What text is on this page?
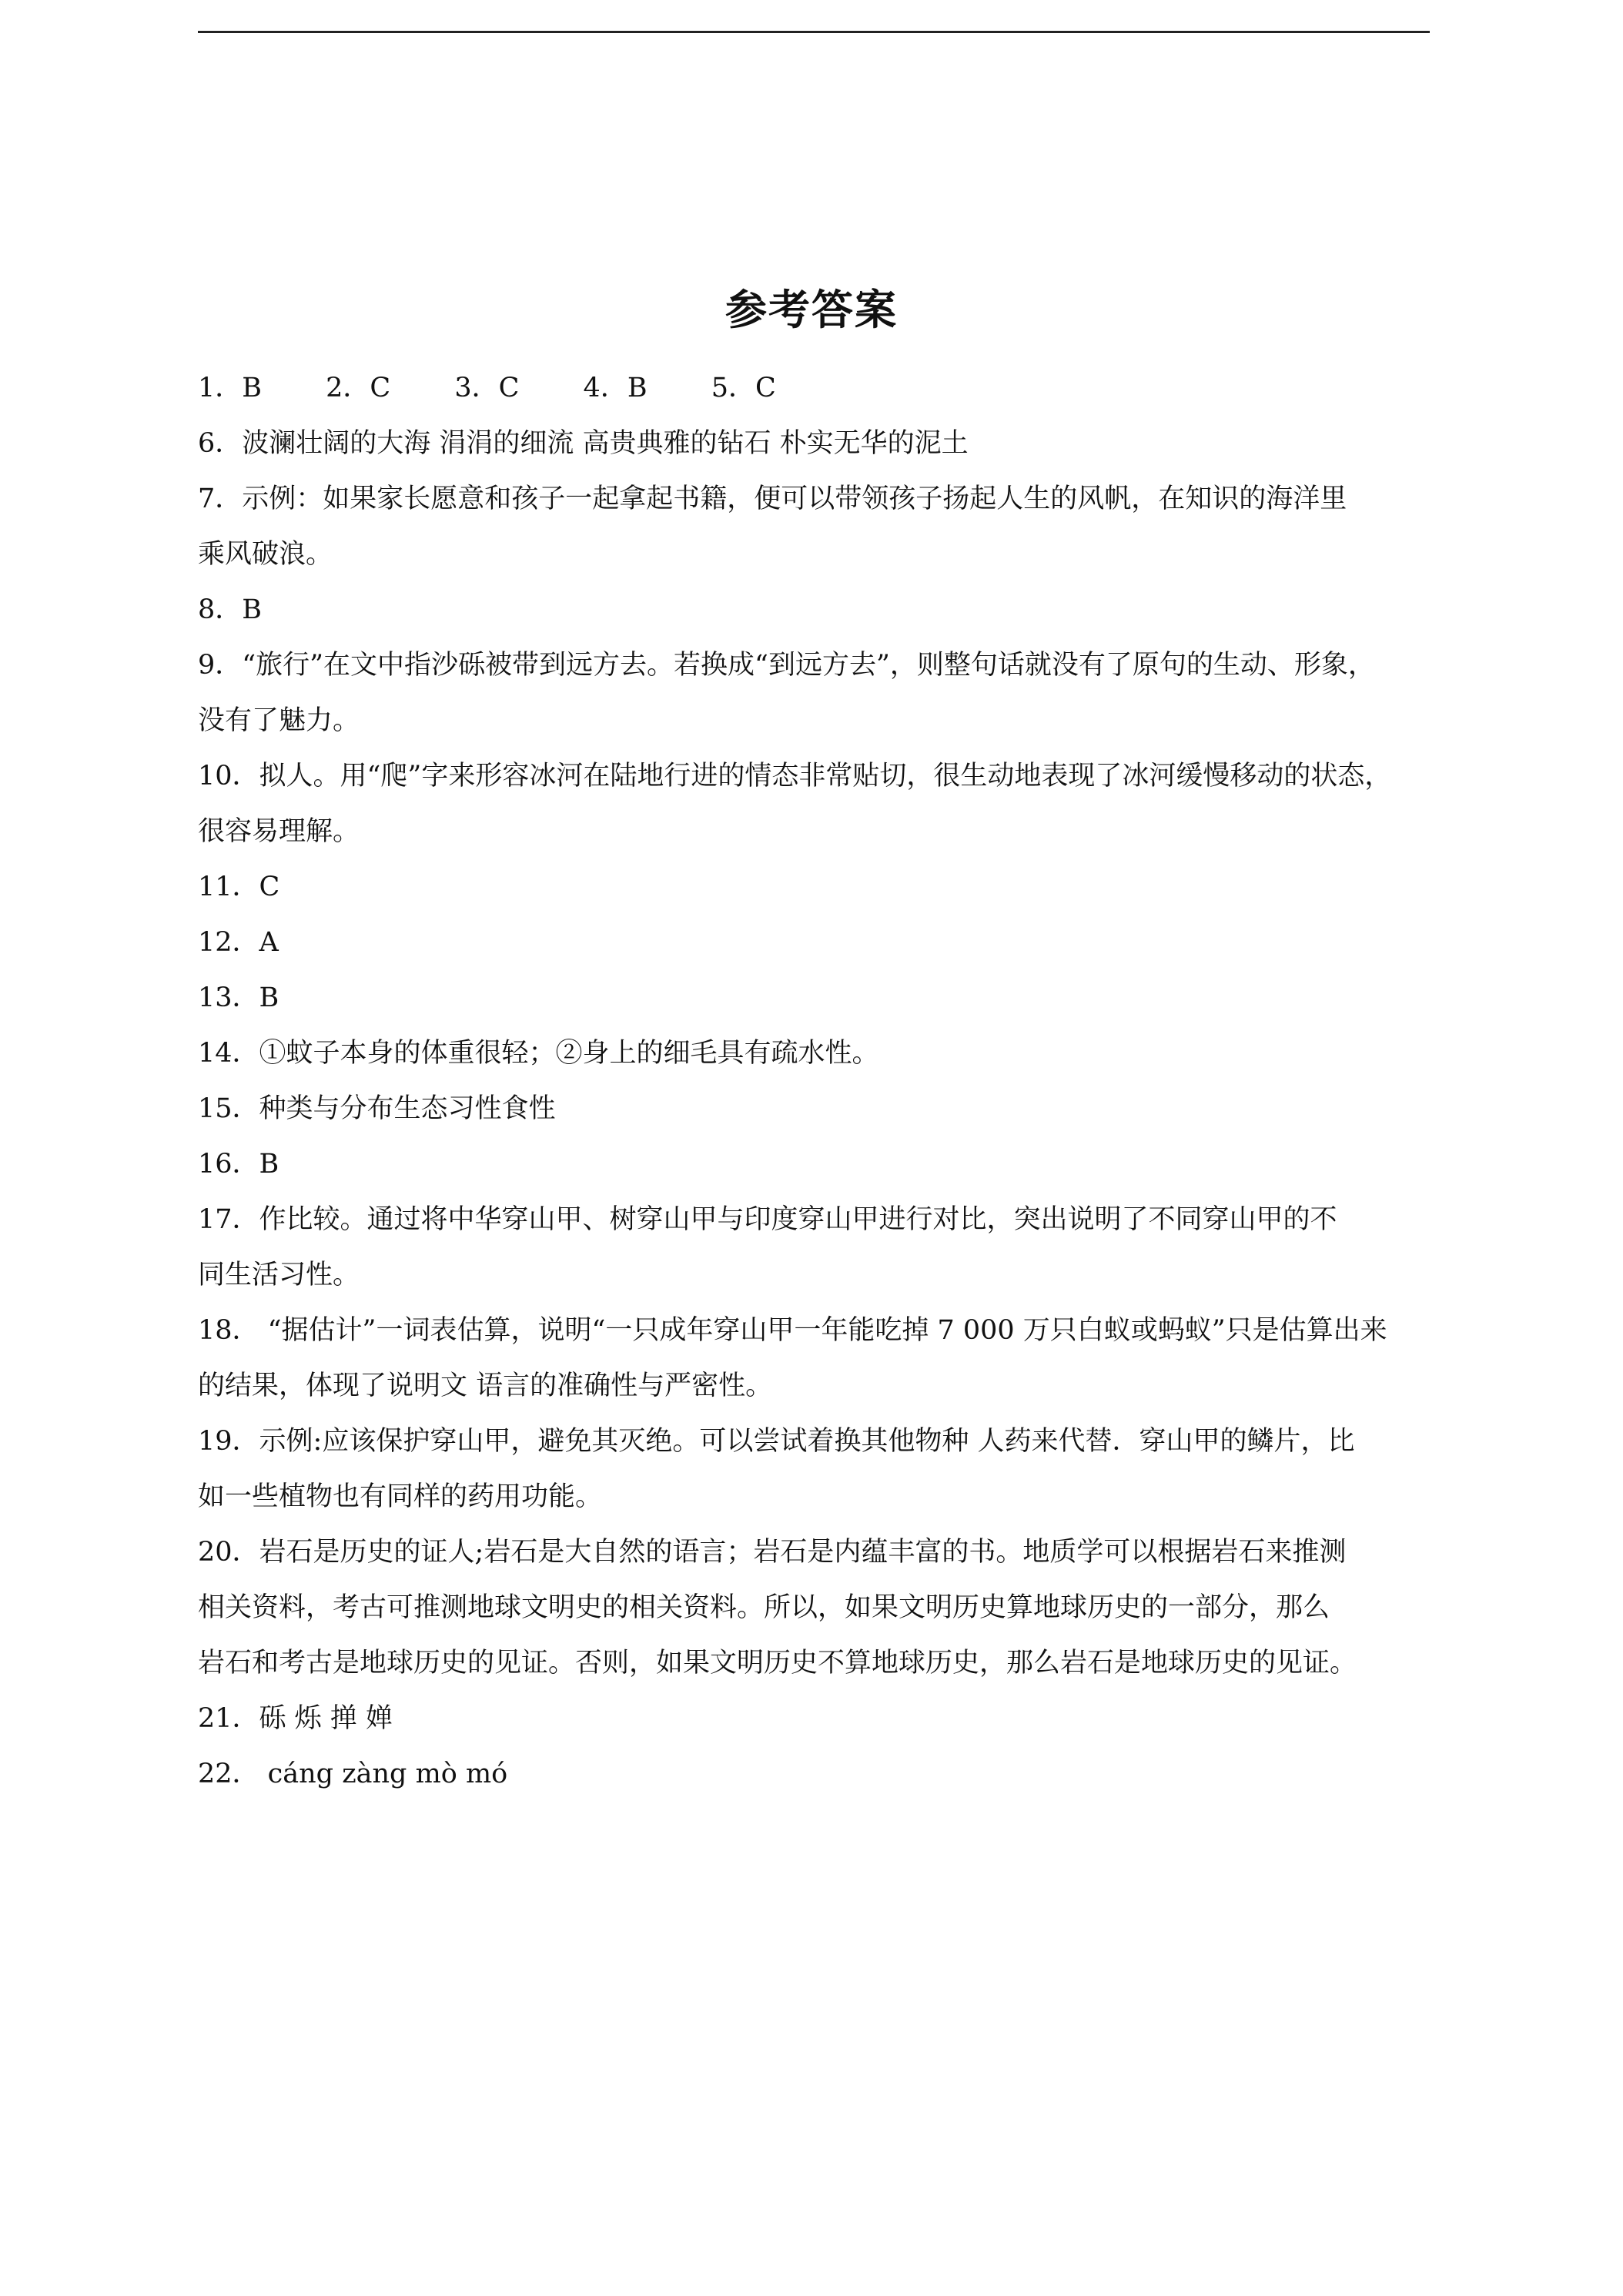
参考答案
1．B 2．C 3．C 4．B 5．C
6．波澜壮阔的大海 涓涓的细流 高贵典雅的钻石 朴实无华的泥土
7．示例：如果家长愿意和孩子一起拿起书籍，便可以带领孩子扬起人生的风帆，在知识的海洋里
乘风破浪。
8．B
9．“旅行”在文中指沙砾被带到远方去。若换成“到远方去”，则整句话就没有了原句的生动、形象，
没有了魅力。
10．拟人。用“爬”字来形容冰河在陆地行进的情态非常贴切，很生动地表现了冰河缓慢移动的状态，
很容易理解。
11．C
12．A
13．B
14．①蚊子本身的体重很轻；②身上的细毛具有疏水性。
15．种类与分布生态习性食性
16．B
17．作比较。通过将中华穿山甲、树穿山甲与印度穿山甲进行对比，突出说明了不同穿山甲的不
同生活习性。
18． “据估计”一词表估算，说明“一只成年穿山甲一年能吃掉 7 000 万只白蚁或蚂蚁”只是估算出来
的结果，体现了说明文 语言的准确性与严密性。
19．示例:应该保护穿山甲，避免其灭绝。可以尝试着换其他物种 人药来代替．穿山甲的鳞片，比
如一些植物也有同样的药用功能。
20．岩石是历史的证人;岩石是大自然的语言；岩石是内蕴丰富的书。地质学可以根据岩石来推测
相关资料，考古可推测地球文明史的相关资料。所以，如果文明历史算地球历史的一部分，那么
岩石和考古是地球历史的见证。否则，如果文明历史不算地球历史，那么岩石是地球历史的见证。
21．砾 烁 掸 婵
22． cáng zàng mò mó
